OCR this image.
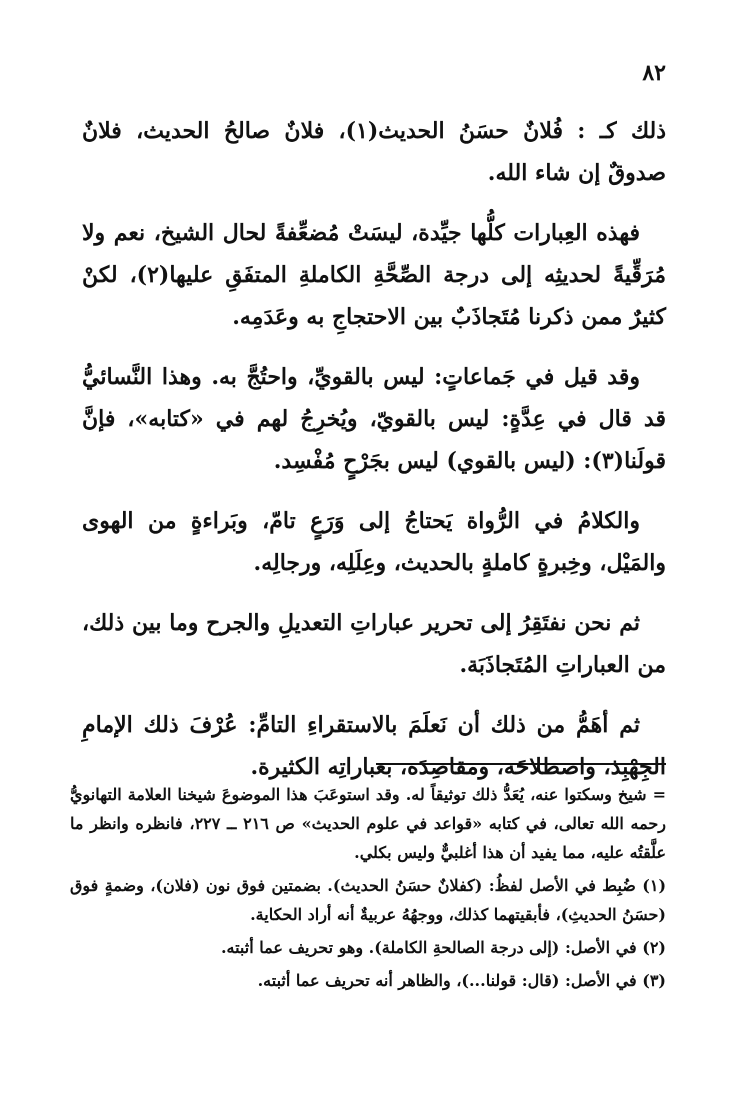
٨٢

ذلك كـ : فُلانٌ حسَنُ الحديث(١)، فلانٌ صالحُ الحديث، فلانٌ صدوقٌ إن شاء الله.

فهذه العِبارات كلُّها جيِّدة، ليسَتْ مُضعِّفةً لحال الشيخ، نعم ولا مُرَقِّيةً لحديثِه إلى درجة الصِّحَّةِ الكاملةِ المتفَقِ عليها(٢)، لكنْ كثيرٌ ممن ذكرنا مُتَجاذَبٌ بين الاحتجاجِ به وعَدَمِه.

وقد قيل في جَماعاتٍ: ليس بالقويِّ، واحتُجَّ به. وهذا النَّسائيُّ قد قال في عِدَّةٍ: ليس بالقويّ، ويُخرِجُ لهم في «كتابه»، فإنَّ قولَنا(٣): (ليس بالقوي) ليس بجَرْحٍ مُفْسِد.

والكلامُ في الرُّواة يَحتاجُ إلى وَرَعٍ تامّ، وبَراءةٍ من الهوى والمَيْل، وخِبرةٍ كاملةٍ بالحديث، وعِلَلِه، ورجالِه.

ثم نحن نفتَقِرُ إلى تحرير عباراتِ التعديلِ والجرح وما بين ذلك، من العباراتِ المُتَجاذَبَة.

ثم أهَمُّ من ذلك أن نَعلَمَ بالاستقراءِ التامِّ: عُرْفَ ذلك الإمامِ الجِهْبِذ، واصطلاحَه، ومقاصِدَه، بعباراتِه الكثيرة.

= شيخ وسكتوا عنه، يُعَدُّ ذلك توثيقاً له. وقد استوعَبَ هذا الموضوعَ شيخنا العلامة التهانويُّ رحمه الله تعالى، في كتابه «قواعد في علوم الحديث» ص ٢١٦ ــ ٢٢٧، فانظره وانظر ما علَّقتُه عليه، مما يفيد أن هذا أغلبيٌّ وليس بكلي.

(١) ضُبِط في الأصل لفظُ: (كفلانٌ حسَنُ الحديث). بضمتين فوق نون (فلان)، وضمةٍ فوق (حسَنُ الحديثِ)، فأبقيتهما كذلك، ووجهُهُ عربيةٌ أنه أراد الحكاية.

(٢) في الأصل: (إلى درجة الصالحةِ الكاملة). وهو تحريف عما أثبته.

(٣) في الأصل: (قال: قولنا...)، والظاهر أنه تحريف عما أثبته.
